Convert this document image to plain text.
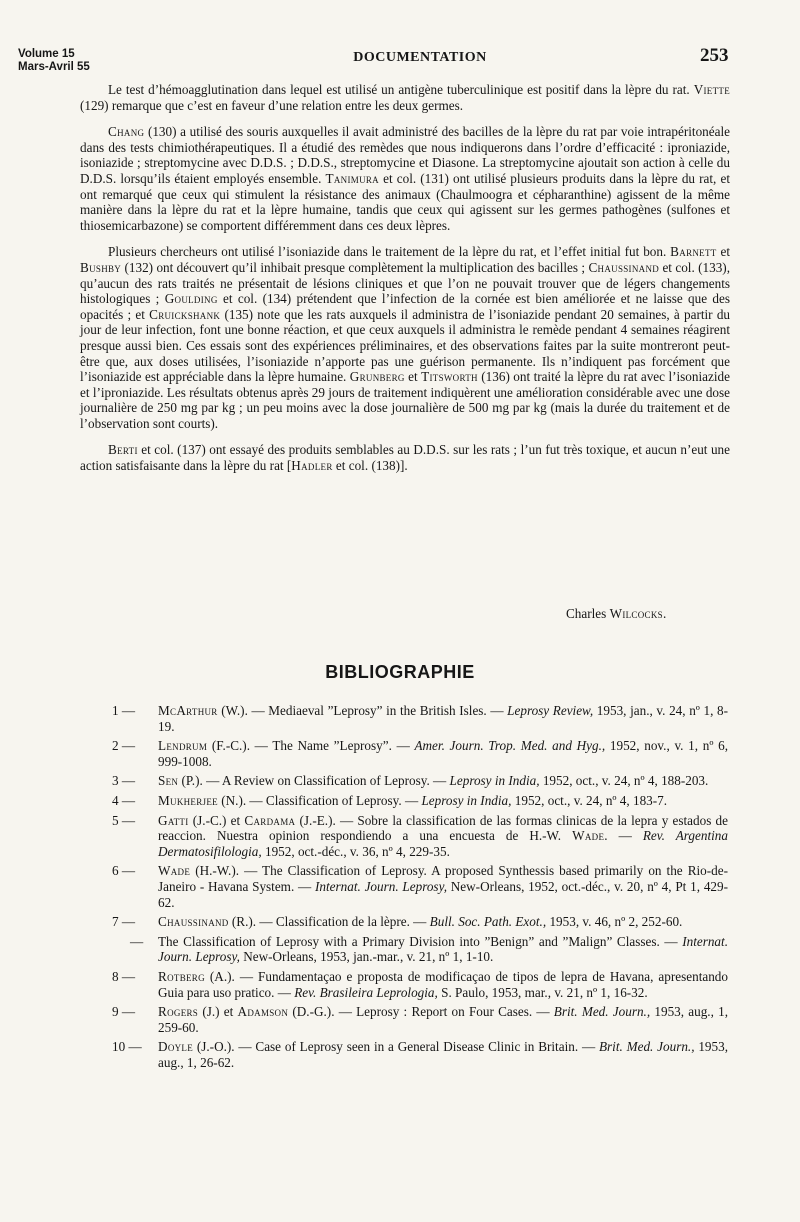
Volume 15
Mars-Avril 55
DOCUMENTATION	253

Le test d’hémoagglutination dans lequel est utilisé un antigène tuberculinique est positif dans la lèpre du rat. Viette (129) remarque que c’est en faveur d’une relation entre les deux germes.

Chang (130) a utilisé des souris auxquelles il avait administré des bacilles de la lèpre du rat par voie intrapéritonéale dans des tests chimiothérapeutiques. Il a étudié des remèdes que nous indiquerons dans l’ordre d’efficacité : iproniazide, isoniazide ; streptomycine avec D.D.S. ; D.D.S., streptomycine et Diasone. La streptomycine ajoutait son action à celle du D.D.S. lorsqu’ils étaient employés ensemble. Tanimura et col. (131) ont utilisé plusieurs produits dans la lèpre du rat, et ont remarqué que ceux qui stimulent la résistance des animaux (Chaulmoogra et cépharanthine) agissent de la même manière dans la lèpre du rat et la lèpre humaine, tandis que ceux qui agissent sur les germes pathogènes (sulfones et thiosemicarbazone) se comportent différemment dans ces deux lèpres.

Plusieurs chercheurs ont utilisé l’isoniazide dans le traitement de la lèpre du rat, et l’effet initial fut bon. Barnett et Bushby (132) ont découvert qu’il inhibait presque complètement la multiplication des bacilles ; Chaussinand et col. (133), qu’aucun des rats traités ne présentait de lésions cliniques et que l’on ne pouvait trouver que de légers changements histologiques ; Goulding et col. (134) prétendent que l’infection de la cornée est bien améliorée et ne laisse que des opacités ; et Cruickshank (135) note que les rats auxquels il administra de l’isoniazide pendant 20 semaines, à partir du jour de leur infection, font une bonne réaction, et que ceux auxquels il administra le remède pendant 4 semaines réagirent presque aussi bien. Ces essais sont des expériences préliminaires, et des observations faites par la suite montreront peut-être que, aux doses utilisées, l’isoniazide n’apporte pas une guérison permanente. Ils n’indiquent pas forcément que l’isoniazide est appréciable dans la lèpre humaine. Grunberg et Titsworth (136) ont traité la lèpre du rat avec l’isoniazide et l’iproniazide. Les résultats obtenus après 29 jours de traitement indiquèrent une amélioration considérable avec une dose journalière de 250 mg par kg ; un peu moins avec la dose journalière de 500 mg par kg (mais la durée du traitement et de l’observation sont courts).

Berti et col. (137) ont essayé des produits semblables au D.D.S. sur les rats ; l’un fut très toxique, et aucun n’eut une action satisfaisante dans la lèpre du rat [Hadler et col. (138)].

Charles Wilcocks.
BIBLIOGRAPHIE
1 —	McArthur (W.). — Mediaeval ”Leprosy” in the British Isles. — Leprosy Review, 1953, jan., v. 24, nº 1, 8-19.
2 —	Lendrum (F.-C.). — The Name ”Leprosy”. — Amer. Journ. Trop. Med. and Hyg., 1952, nov., v. 1, nº 6, 999-1008.
3 —	Sen (P.). — A Review on Classification of Leprosy. — Leprosy in India, 1952, oct., v. 24, nº 4, 188-203.
4 —	Mukherjee (N.). — Classification of Leprosy. — Leprosy in India, 1952, oct., v. 24, nº 4, 183-7.
5 —	Gatti (J.-C.) et Cardama (J.-E.). — Sobre la classification de las formas clinicas de la lepra y estados de reaccion. Nuestra opinion respondiendo a una encuesta de H.-W. Wade. — Rev. Argentina Dermatosifilologia, 1952, oct.-déc., v. 36, nº 4, 229-35.
6 —	Wade (H.-W.). — The Classification of Leprosy. A proposed Synthessis based primarily on the Rio-de-Janeiro - Havana System. — Internat. Journ. Leprosy, New-Orleans, 1952, oct.-déc., v. 20, nº 4, Pt 1, 429-62.
7 —	Chaussinand (R.). — Classification de la lèpre. — Bull. Soc. Path. Exot., 1953, v. 46, nº 2, 252-60.
—	The Classification of Leprosy with a Primary Division into ”Benign” and ”Malign” Classes. — Internat. Journ. Leprosy, New-Orleans, 1953, jan.-mar., v. 21, nº 1, 1-10.
8 —	Rotberg (A.). — Fundamentaçao e proposta de modificaçao de tipos de lepra de Havana, apresentando Guia para uso pratico. — Rev. Brasileira Leprologia, S. Paulo, 1953, mar., v. 21, nº 1, 16-32.
9 —	Rogers (J.) et Adamson (D.-G.). — Leprosy : Report on Four Cases. — Brit. Med. Journ., 1953, aug., 1, 259-60.
10 —	Doyle (J.-O.). — Case of Leprosy seen in a General Disease Clinic in Britain. — Brit. Med. Journ., 1953, aug., 1, 26-62.
